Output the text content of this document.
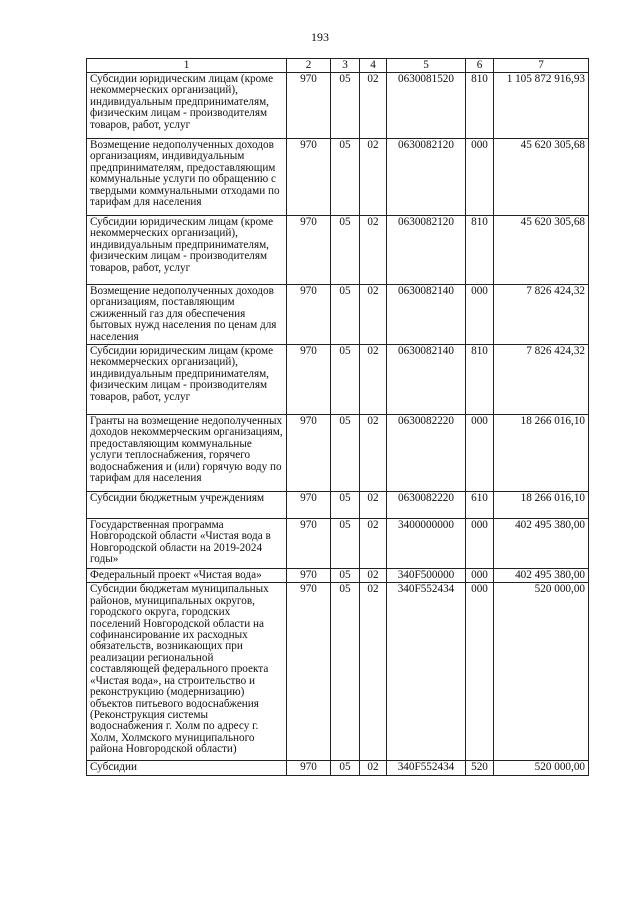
193
1	2	3	4	5	6	7
Субсидии юридическим лицам (кроме некоммерческих организаций), индивидуальным предпринимателям, физическим лицам - производителям товаров, работ, услуг	970	05	02	0630081520	810	1 105 872 916,93
Возмещение недополученных доходов организациям, индивидуальным предпринимателям, предоставляющим коммунальные услуги по обращению с твердыми коммунальными отходами по тарифам для населения	970	05	02	0630082120	000	45 620 305,68
Субсидии юридическим лицам (кроме некоммерческих организаций), индивидуальным предпринимателям, физическим лицам - производителям товаров, работ, услуг	970	05	02	0630082120	810	45 620 305,68
Возмещение недополученных доходов организациям, поставляющим сжиженный газ для обеспечения бытовых нужд населения по ценам для населения	970	05	02	0630082140	000	7 826 424,32
Субсидии юридическим лицам (кроме некоммерческих организаций), индивидуальным предпринимателям, физическим лицам - производителям товаров, работ, услуг	970	05	02	0630082140	810	7 826 424,32
Гранты на возмещение недополученных доходов некоммерческим организациям, предоставляющим коммунальные услуги теплоснабжения, горячего водоснабжения и (или) горячую воду по тарифам для населения	970	05	02	0630082220	000	18 266 016,10
Субсидии бюджетным учреждениям	970	05	02	0630082220	610	18 266 016,10
Государственная программа Новгородской области «Чистая вода в Новгородской области на 2019-2024 годы»	970	05	02	3400000000	000	402 495 380,00
Федеральный проект «Чистая вода»	970	05	02	340F500000	000	402 495 380,00
Субсидии бюджетам муниципальных районов, муниципальных округов, городского округа, городских поселений Новгородской области на софинансирование их расходных обязательств, возникающих при реализации региональной составляющей федерального проекта «Чистая вода», на строительство и реконструкцию (модернизацию) объектов питьевого водоснабжения (Реконструкция системы водоснабжения г. Холм по адресу г. Холм, Холмского муниципального района Новгородской области)	970	05	02	340F552434	000	520 000,00
Субсидии	970	05	02	340F552434	520	520 000,00
